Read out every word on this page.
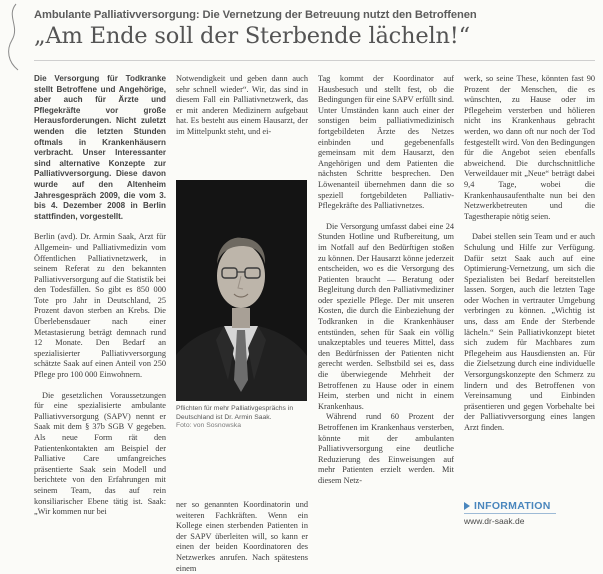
Ambulante Palliativversorgung: Die Vernetzung der Betreuung nutzt den Betroffenen
„Am Ende soll der Sterbende lächeln!“

Die Versorgung für Todkranke stellt Betroffene und Angehörige, aber auch für Ärzte und Pflegekräfte vor große Herausforderungen. Nicht zuletzt wenden die letzten Stunden oftmals in Krankenhäusern verbracht. Unser Interessanter sind alternative Konzepte zur Palliativversorgung. Diese davon wurde auf den Altenheim Jahresgespräch 2009, die vom 3. bis 4. Dezember 2008 in Berlin stattfinden, vorgestellt.

Berlin (avd). Dr. Armin Saak, Arzt für Allgemein- und Palliativmedizin vom Öffentlichen Palliativnetzwerk, in seinem Referat zu den bekannten Palliativversorgung auf die Statistik bei den Todesfällen. So gibt es 850 000 Tote pro Jahr in Deutschland, 25 Prozent davon sterben an Krebs. Die Überlebensdauer nach einer Metastasierung beträgt demnach rund 12 Monate. Den Bedarf an spezialisierter Palliativversorgung schätzte Saak auf einen Anteil von 250 Pflege pro 100 000 Einwohnern.

Die gesetzlichen Voraussetzungen für eine spezialisierte ambulante Palliativversorgung (SAPV) nennt er Saak mit dem § 37b SGB V gegeben. Als neue Form rät den Patientenkontakten am Beispiel der Palliative Care umfangreiches präsentierte Saak sein Modell und berichtete von den Erfahrungen mit seinem Team, das auf rein konsiliarischer Ebene tätig ist. Saak: „Wir kommen nur bei

Notwendigkeit und geben dann auch sehr schnell wieder“. Wir, das sind in diesem Fall ein Palliativnetzwerk, das er mit anderen Medizinern aufgebaut hat. Es besteht aus einem Hausarzt, der im Mittelpunkt steht, und ei-

Pflichten für mehr Palliativgesprächs in Deutschland ist Dr. Armin Saak.
Foto: von Sosnowska

ner so genannten Koordinatorin und weiteren Fachkräften. Wenn ein Kollege einen sterbenden Patienten in der SAPV überleiten will, so kann er einen der beiden Koordinatoren des Netzwerkes anrufen. Nach spätestens einem

Tag kommt der Koordinator auf Hausbesuch und stellt fest, ob die Bedingungen für eine SAPV erfüllt sind. Unter Umständen kann auch einer der sonstigen beim palliativmedizinisch fortgebildeten Ärzte des Netzes einbinden und gegebenenfalls gemeinsam mit dem Hausarzt, den Angehörigen und dem Patienten die nächsten Schritte besprechen. Den Löwenanteil übernehmen dann die so speziell fortgebildeten Palliativ-Pflegekräfte des Palliativnetzes.

Die Versorgung umfasst dabei eine 24 Stunden Hotline und Rufbereitung, um im Notfall auf den Bedürftigen stoßen zu können. Der Hausarzt könne jederzeit entscheiden, wo es die Versorgung des Patienten braucht — Beratung oder Begleitung durch den Palliativmediziner oder spezielle Pflege. Der mit unseren Kosten, die durch die Einbeziehung der Todkranken in die Krankenhäuser entstünden, sehen für Saak ein völlig unakzeptables und teueres Mittel, dass den Bedürfnissen der Patienten nicht gerecht werden. Selbstbild sei es, dass die überwiegende Mehrheit der Betroffenen zu Hause oder in einem Heim, sterben und nicht in einem Krankenhaus.

Während rund 60 Prozent der Betroffenen im Krankenhaus versterben, könnte mit der ambulanten Palliativversorgung eine deutliche Reduzierung des Einweisungen auf mehr Patienten erzielt werden. Mit diesem Netz-

werk, so seine These, könnten fast 90 Prozent der Menschen, die es wünschten, zu Hause oder im Pflegeheim versterben und hölieren nicht ins Krankenhaus gebracht werden, wo dann oft nur noch der Tod festgestellt wird. Von den Bedingungen für die Angebot seien ebenfalls abweichend. Die durchschnittliche Verweildauer mit „Neue“ beträgt dabei 9,4 Tage, wobei die Krankenhausaufenthalte nun bei den Netzwerkbetreuten und die Tagestherapie nötig seien.

Dabei stellen sein Team und er auch Schulung und Hilfe zur Verfügung. Dafür setzt Saak auch auf eine Optimierung-Vernetzung, um sich die Spezialisten bei Bedarf bereitstellen lassen. Sorgen, auch die letzten Tage oder Wochen in vertrauter Umgebung verbringen zu können. „Wichtig ist uns, dass am Ende der Sterbende lächeln.“ Sein Palliativkonzept bietet sich zudem für Machbares zum Pflegeheim aus Hausdiensten an. Für die Zielsetzung durch eine individuelle Versorgungskonzepte den Schmerz zu lindern und des Betroffenen von Vereinsamung und Einbinden präsentieren und gegen Vorbehalte bei der Palliativversorgung eines langen Arzt finden.

INFORMATION
www.dr-saak.de
